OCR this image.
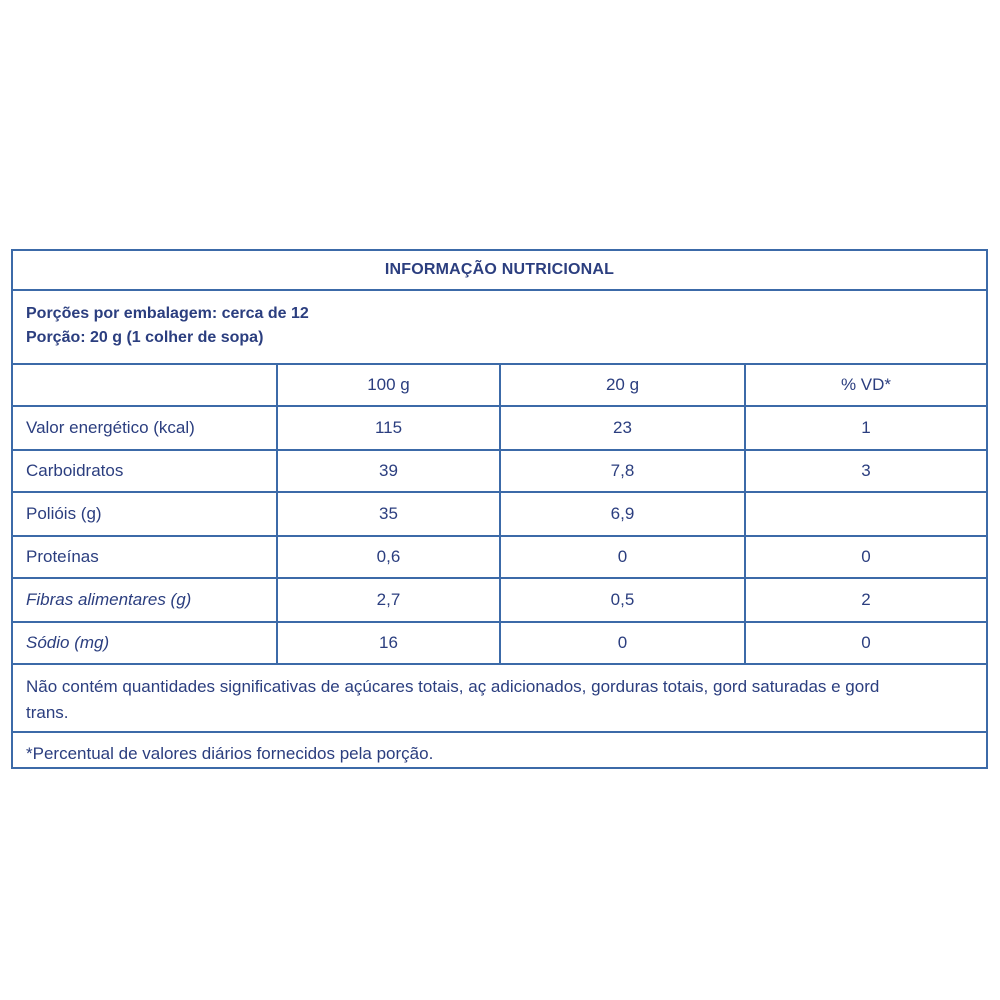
INFORMAÇÃO NUTRICIONAL
Porções por embalagem: cerca de 12
Porção: 20 g (1 colher de sopa)
100 g	20 g	% VD*
Valor energético (kcal)	115	23	1
Carboidratos	39	7,8	3
Polióis (g)	35	6,9
Proteínas	0,6	0	0
Fibras alimentares (g)	2,7	0,5	2
Sódio (mg)	16	0	0
Não contém quantidades significativas de açúcares totais, aç adicionados, gorduras totais, gord saturadas e gord trans.
*Percentual de valores diários fornecidos pela porção.
